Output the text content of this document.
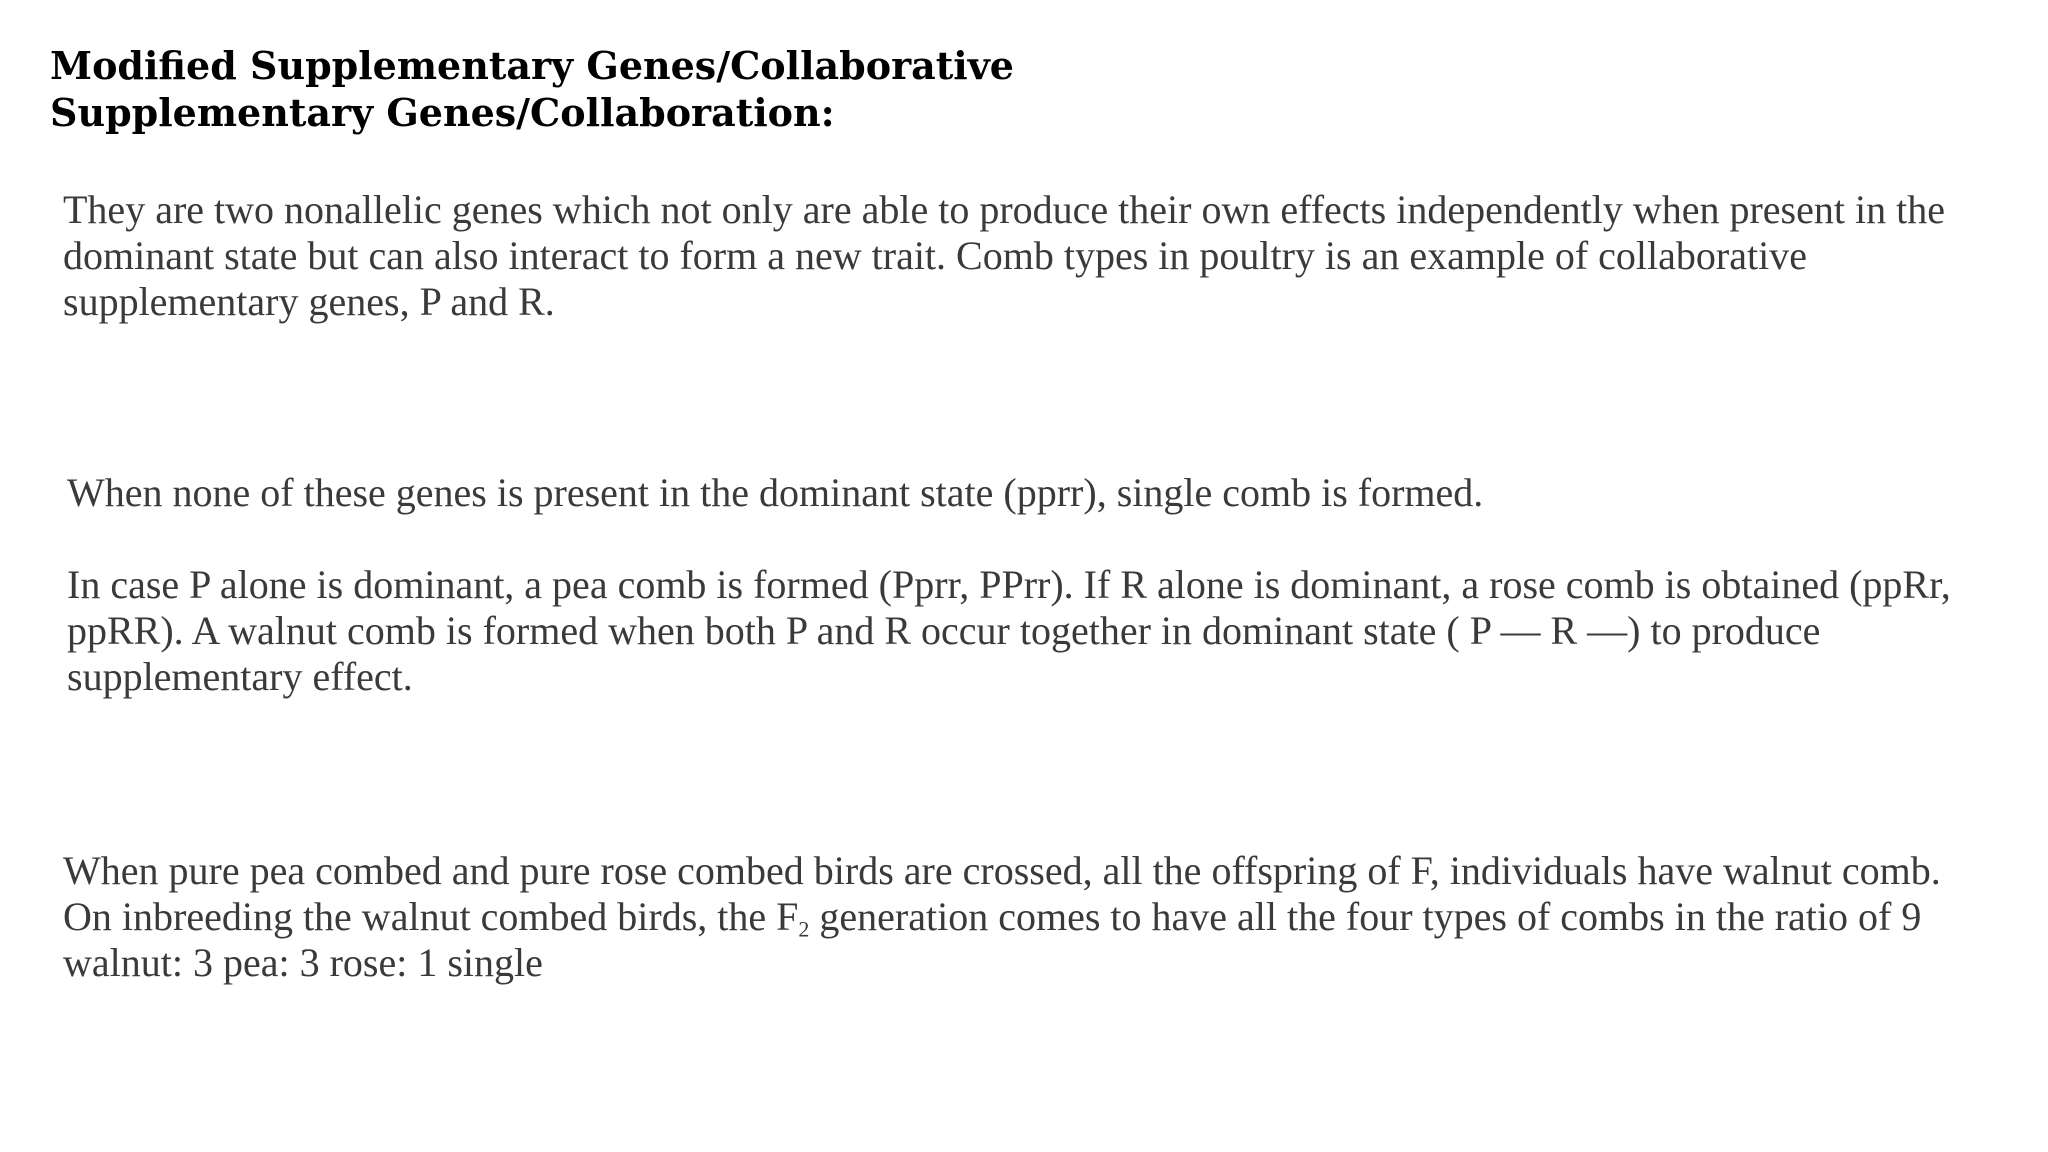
Modified Supplementary Genes/Collaborative Supplementary Genes/Collaboration:

They are two nonallelic genes which not only are able to produce their own effects independently when present in the dominant state but can also interact to form a new trait. Comb types in poultry is an example of collaborative supplementary genes, P and R.

When none of these genes is present in the dominant state (pprr), single comb is formed.

In case P alone is dominant, a pea comb is formed (Pprr, PPrr). If R alone is dominant, a rose comb is obtained (ppRr, ppRR). A walnut comb is formed when both P and R occur together in dominant state ( P — R —) to produce supplementary effect.

When pure pea combed and pure rose combed birds are crossed, all the offspring of F, individuals have walnut comb. On inbreeding the walnut combed birds, the $F_2$ generation comes to have all the four types of combs in the ratio of 9 walnut: 3 pea: 3 rose: 1 single
